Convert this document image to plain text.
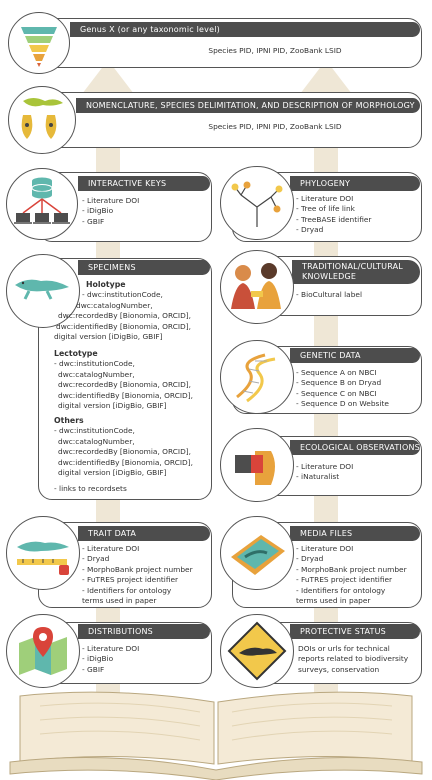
Genus X (or any taxonomic level)
Species PID, IPNI PID, ZooBank LSID
NOMENCLATURE, SPECIES DELIMITATION, AND DESCRIPTION OF MORPHOLOGY
Species PID, IPNI PID, ZooBank LSID
INTERACTIVE KEYS
- Literature DOI
- iDigBio
- GBIF
PHYLOGENY
- Literature DOI
- Tree of life link
- TreeBASE identifier
- Dryad
SPECIMENS
Holotype
- dwc:institutionCode,
dwc:catalogNumber,
dwc:recordedBy [Bionomia, ORCID],
dwc:identifiedBy [Bionomia, ORCID],
digital version [iDigBio, GBIF]
Lectotype
- dwc:institutionCode,
dwc:catalogNumber,
dwc:recordedBy [Bionomia, ORCID],
dwc:identifiedBy [Bionomia, ORCID],
digital version [iDigBio, GBIF]
Others
- dwc:institutionCode,
dwc:catalogNumber,
dwc:recordedBy [Bionomia, ORCID],
dwc:identifiedBy [Bionomia, ORCID],
digital version [iDigBio, GBIF]
- links to recordsets
TRADITIONAL/CULTURAL
KNOWLEDGE
- BioCultural label
GENETIC DATA
- Sequence A on NBCI
- Sequence B on Dryad
- Sequence C on NBCI
- Sequence D on Website
ECOLOGICAL OBSERVATIONS
- Literature DOI
- iNaturalist
TRAIT DATA
- Literature DOI
- Dryad
- MorphoBank project number
- FuTRES project identifier
- Identifiers for ontology
terms used in paper
MEDIA FILES
- Literature DOI
- Dryad
- MorphoBank project number
- FuTRES project identifier
- Identifiers for ontology
terms used in paper
DISTRIBUTIONS
- Literature DOI
- iDigBio
- GBIF
PROTECTIVE STATUS
DOIs or urls for technical
reports related to biodiversity
surveys, conservation
